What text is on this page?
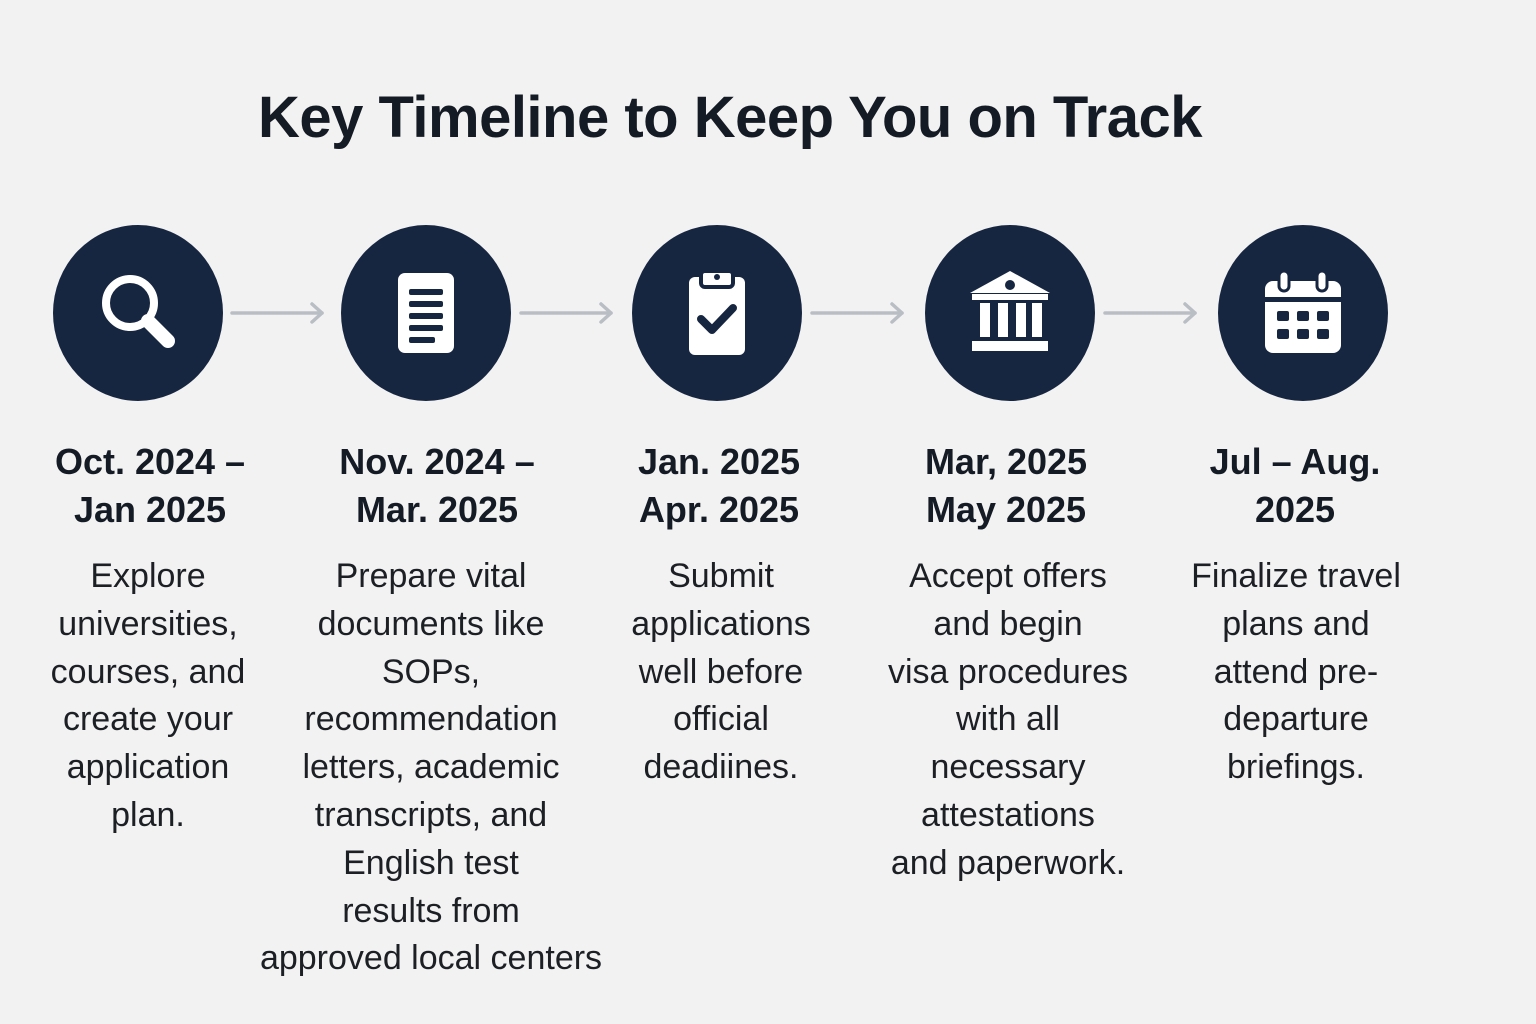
Key Timeline to Keep You on Track
Oct. 2024 –
Jan 2025
Nov. 2024 –
Mar. 2025
Jan. 2025
Apr. 2025
Mar, 2025
May 2025
Jul – Aug.
2025
Explore
universities,
courses, and
create your
application
plan.
Prepare vital
documents like
SOPs,
recommendation
letters, academic
transcripts, and
English test
results from
approved local centers
Submit
applications
well before
official
deadiines.
Accept offers
and begin
visa procedures
with all
necessary
attestations
and paperwork.
Finalize travel
plans and
attend pre-
departure
briefings.
